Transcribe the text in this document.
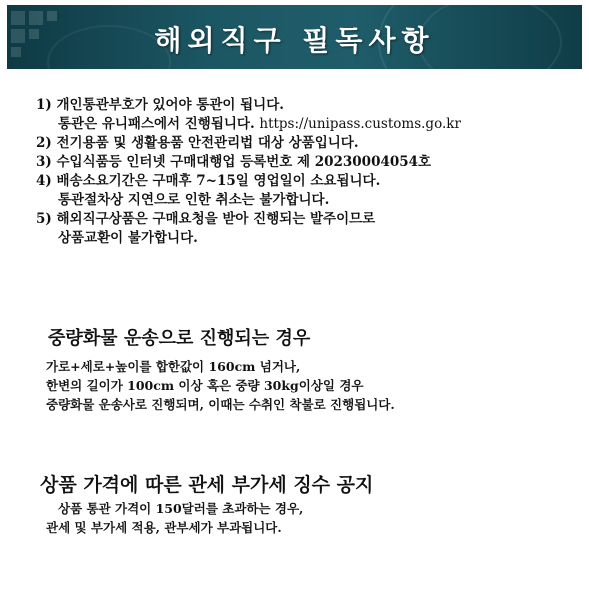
해외직구 필독사항
1) 개인통관부호가 있어야 통관이 됩니다.
통관은 유니패스에서 진행됩니다. https://unipass.customs.go.kr
2) 전기용품 및 생활용품 안전관리법 대상 상품입니다.
3) 수입식품등 인터넷 구매대행업 등록번호 제 20230004054호
4) 배송소요기간은 구매후 7~15일 영업일이 소요됩니다.
통관절차상 지연으로 인한 취소는 불가합니다.
5) 해외직구상품은 구매요청을 받아 진행되는 발주이므로
상품교환이 불가합니다.
중량화물 운송으로 진행되는 경우
가로+세로+높이를 합한값이 160cm 넘거나,
한변의 길이가 100cm 이상 혹은 중량 30kg이상일 경우
중량화물 운송사로 진행되며, 이때는 수취인 착불로 진행됩니다.
상품 가격에 따른 관세 부가세 징수 공지
상품 통관 가격이 150달러를 초과하는 경우,
관세 및 부가세 적용, 관부세가 부과됩니다.
